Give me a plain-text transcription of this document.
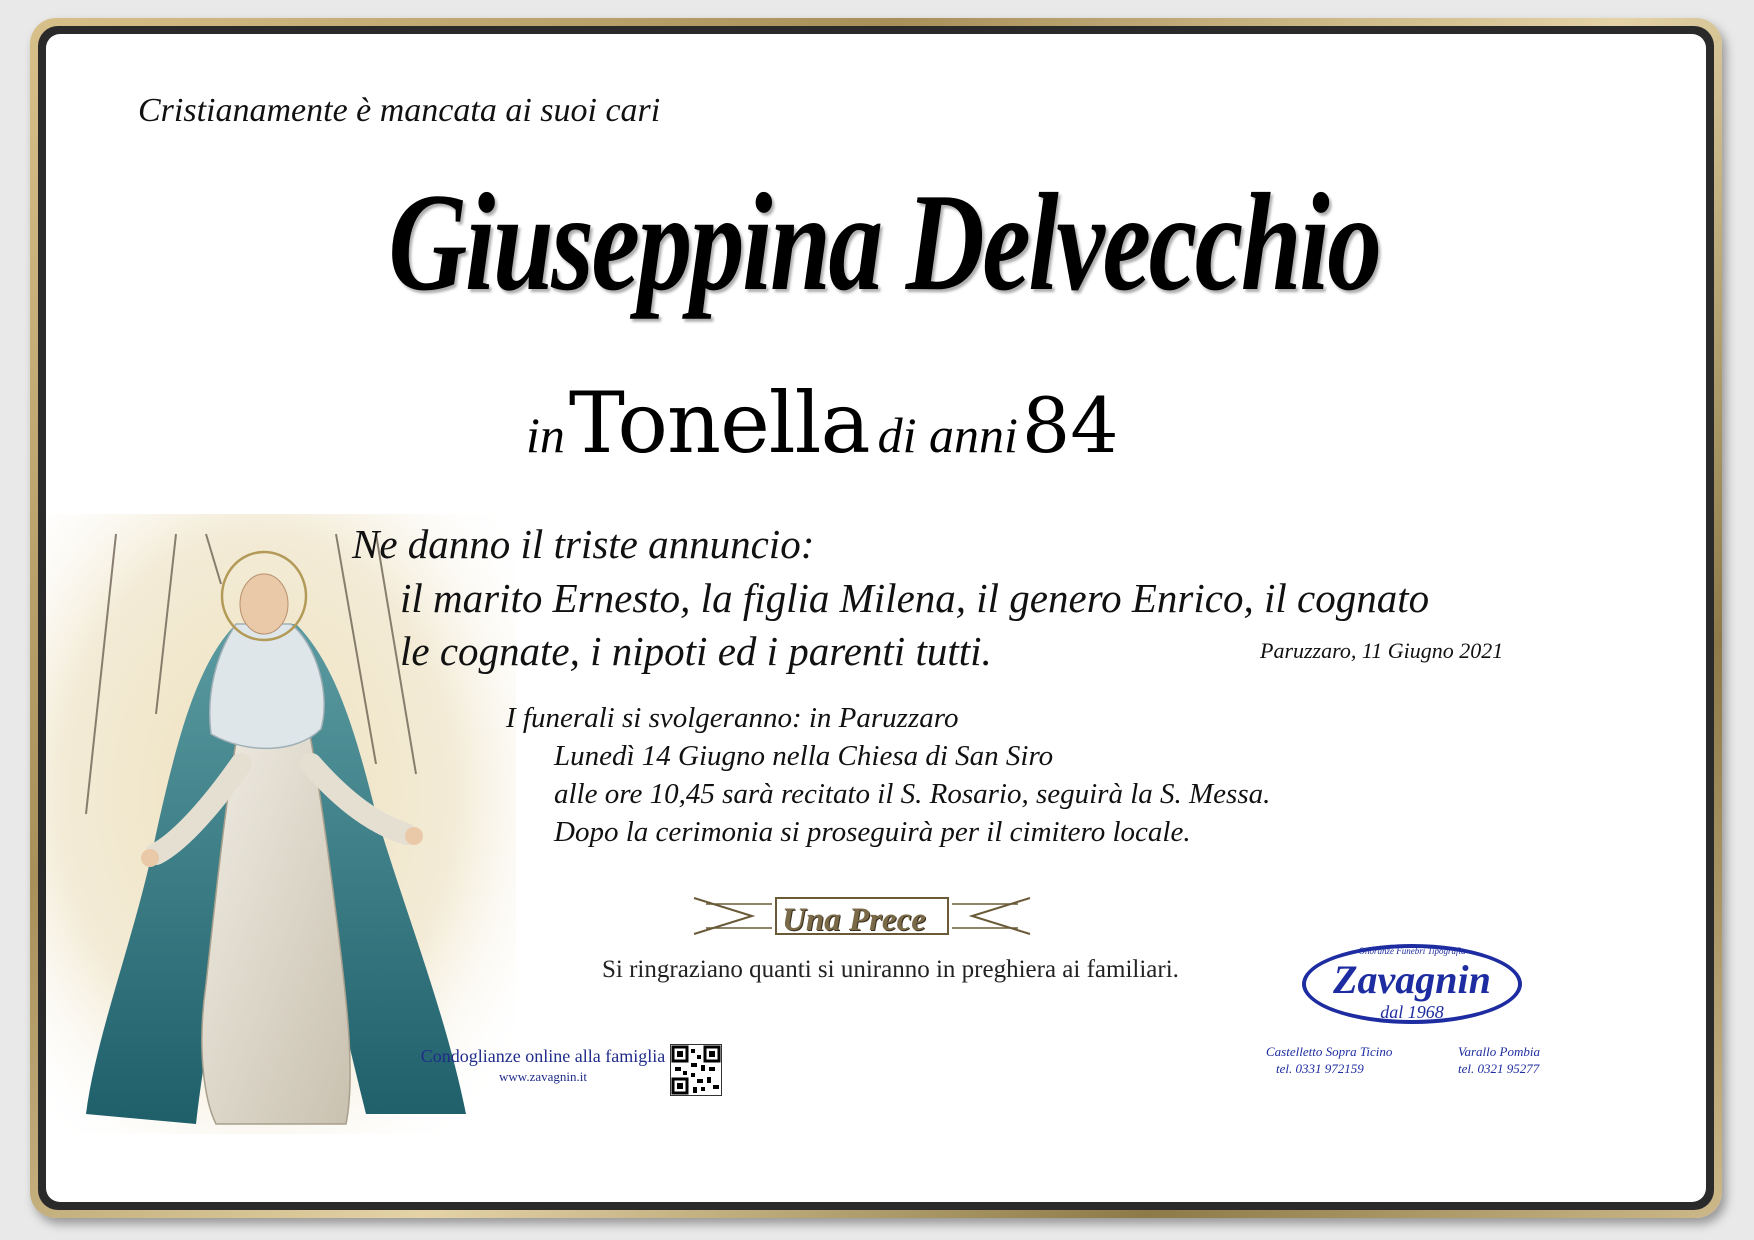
Cristianamente è mancata ai suoi cari
Giuseppina Delvecchio
in Tonella di anni 84
Ne danno il triste annuncio:
il marito Ernesto, la figlia Milena, il genero Enrico, il cognato
le cognate, i nipoti ed i parenti tutti.	Paruzzaro, 11 Giugno 2021
I funerali si svolgeranno: in Paruzzaro
Lunedì 14 Giugno nella Chiesa di San Siro
alle ore 10,45 sarà recitato il S. Rosario, seguirà la S. Messa.
Dopo la cerimonia si proseguirà per il cimitero locale.
Una Prece
Si ringraziano quanti si uniranno in preghiera ai familiari.
Condoglianze online alla famiglia
www.zavagnin.it
Onoranze Funebri Tipografia
Zavagnin
dal 1968
Castelletto Sopra Ticino
tel. 0331 972159
Varallo Pombia
tel. 0321 95277
